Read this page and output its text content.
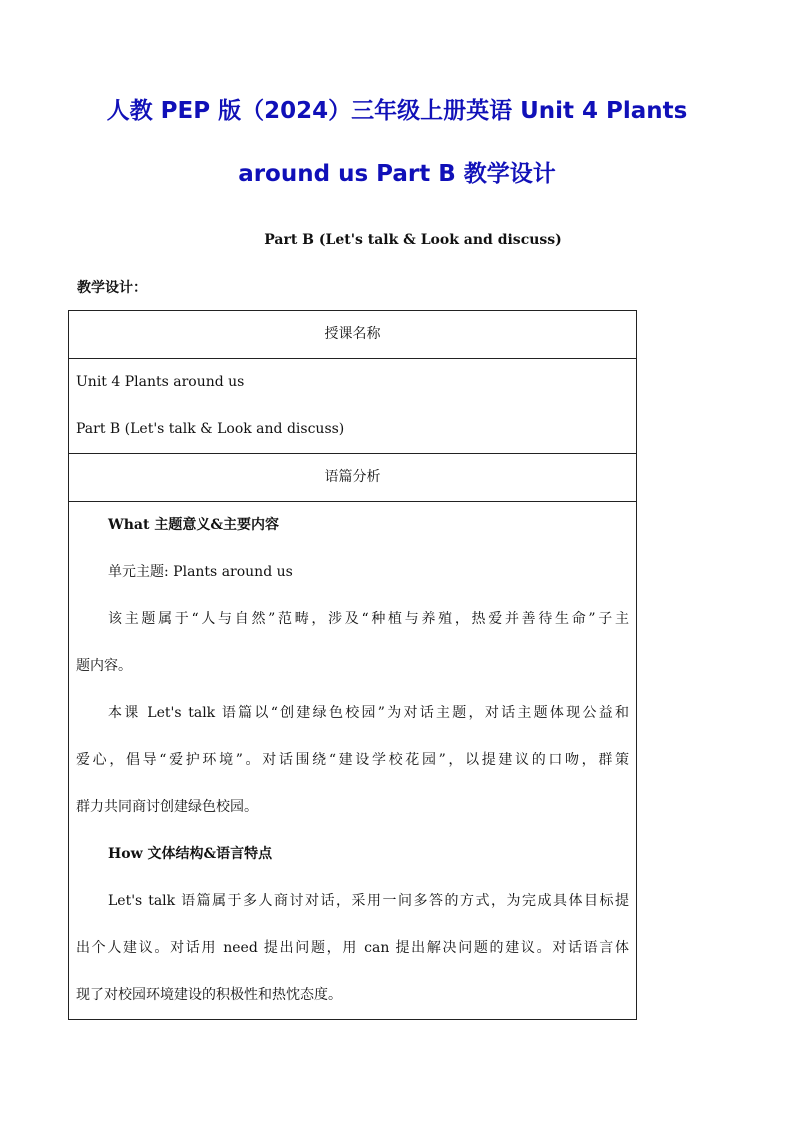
人教 PEP 版（2024）三年级上册英语 Unit 4 Plants
around us Part B 教学设计
Part B (Let's talk & Look and discuss)
教学设计：
授课名称

Unit 4 Plants around us
Part B (Let's talk & Look and discuss)

语篇分析

What 主题意义&主要内容
单元主题: Plants around us
该主题属于“人与自然”范畴，涉及“种植与养殖，热爱并善待生命”子主
题内容。
本课 Let's talk 语篇以“创建绿色校园”为对话主题，对话主题体现公益和
爱心，倡导“爱护环境”。对话围绕“建设学校花园”，以提建议的口吻，群策
群力共同商讨创建绿色校园。
How 文体结构&语言特点
Let's talk 语篇属于多人商讨对话，采用一问多答的方式，为完成具体目标提
出个人建议。对话用 need 提出问题，用 can 提出解决问题的建议。对话语言体
现了对校园环境建设的积极性和热忱态度。
